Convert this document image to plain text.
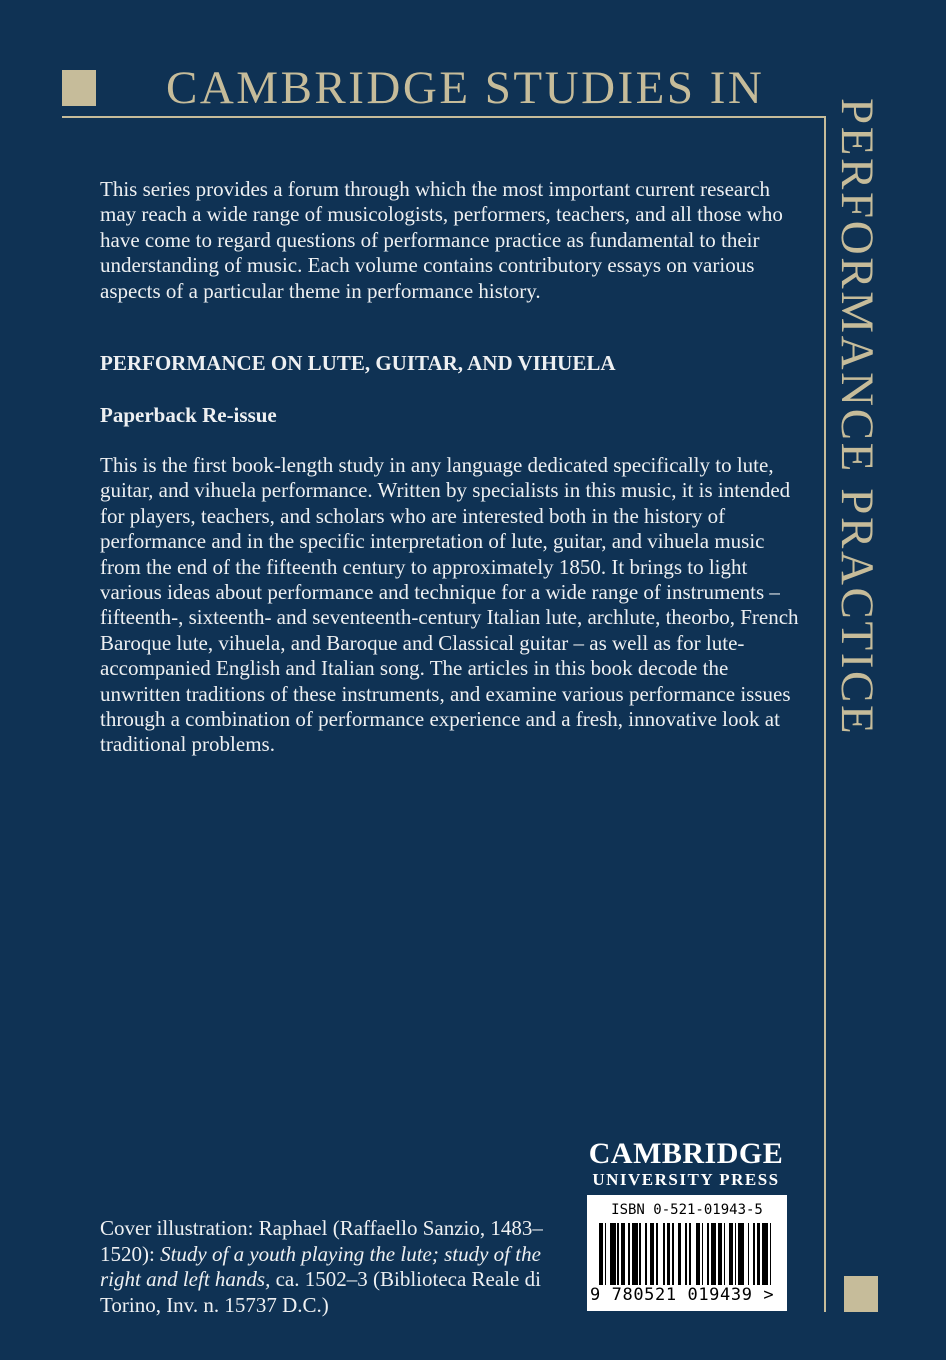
CAMBRIDGE STUDIES IN
PERFORMANCE PRACTICE

This series provides a forum through which the most important current research may reach a wide range of musicologists, performers, teachers, and all those who have come to regard questions of performance practice as fundamental to their understanding of music. Each volume contains contributory essays on various aspects of a particular theme in performance history.

PERFORMANCE ON LUTE, GUITAR, AND VIHUELA
Paperback Re-issue

This is the first book-length study in any language dedicated specifically to lute, guitar, and vihuela performance. Written by specialists in this music, it is intended for players, teachers, and scholars who are interested both in the history of performance and in the specific interpretation of lute, guitar, and vihuela music from the end of the fifteenth century to approximately 1850. It brings to light various ideas about performance and technique for a wide range of instruments – fifteenth-, sixteenth- and seventeenth-century Italian lute, archlute, theorbo, French Baroque lute, vihuela, and Baroque and Classical guitar – as well as for lute-accompanied English and Italian song. The articles in this book decode the unwritten traditions of these instruments, and examine various performance issues through a combination of performance experience and a fresh, innovative look at traditional problems.

Cover illustration: Raphael (Raffaello Sanzio, 1483–1520): Study of a youth playing the lute; study of the right and left hands, ca. 1502–3 (Biblioteca Reale di Torino, Inv. n. 15737 D.C.)
CAMBRIDGE
UNIVERSITY PRESS
ISBN 0-521-01943-5
9 780521 019439 >
